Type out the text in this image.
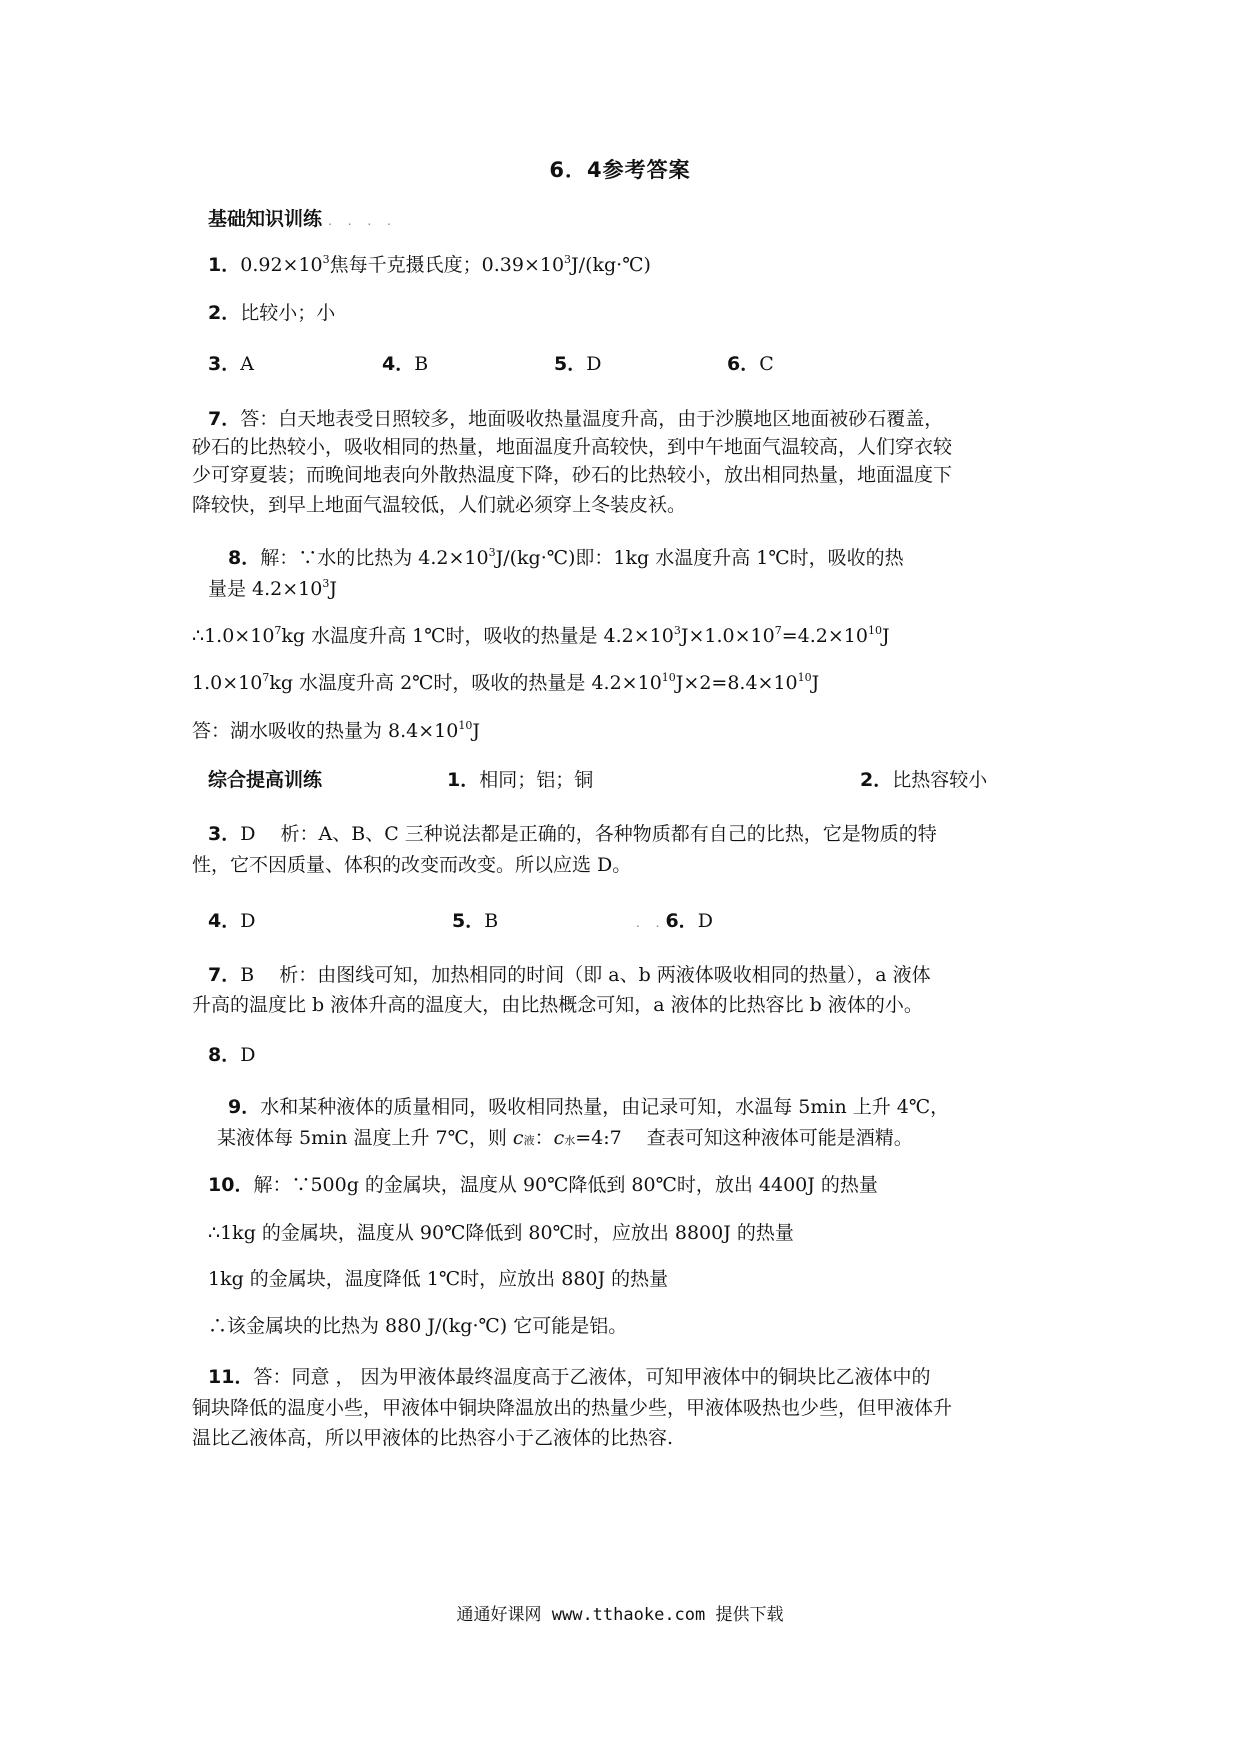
6．4参考答案
基础知识训练 . . . .
1．$0.92\times 10^3$焦每千克摄氏度；$0.39\times 10^3J/(kg\cdot℃)$
2．比较小；小
3．A	4．B	5．D	6．C
7．答：白天地表受日照较多，地面吸收热量温度升高，由于沙膜地区地面被砂石覆盖，
砂石的比热较小，吸收相同的热量，地面温度升高较快，到中午地面气温较高，人们穿衣较
少可穿夏装；而晚间地表向外散热温度下降，砂石的比热较小，放出相同热量，地面温度下
降较快，到早上地面气温较低，人们就必须穿上冬装皮袄。
8．解：∵水的比热为 $4.2\times 10^3J/(kg\cdot℃)$即：1kg 水温度升高 1℃时，吸收的热
量是 $4.2\times 10^3J$
$\therefore 1.0\times 10^7kg$ 水温度升高 1℃时，吸收的热量是 $4.2\times 10^3J\times 1.0\times 10^7=4.2\times 10^{10}J$
$1.0\times 10^7kg$ 水温度升高 2℃时，吸收的热量是 $4.2\times 10^{10}J\times 2=8.4\times 10^{10}J$
答：湖水吸收的热量为 $8.4\times 10^{10}J$
综合提高训练	1．相同；铝；铜	2．比热容较小
3．D　 析：A、B、C 三种说法都是正确的，各种物质都有自己的比热，它是物质的特
性，它不因质量、体积的改变而改变。所以应选 D。
4．D	5．B	. .6．D
7．B　 析：由图线可知，加热相同的时间（即 a、b 两液体吸收相同的热量），a 液体
升高的温度比 b 液体升高的温度大，由比热概念可知，a 液体的比热容比 b 液体的小。
8．D
9．水和某种液体的质量相同，吸收相同热量，由记录可知，水温每 5min 上升 4℃，
某液体每 5min 温度上升 7℃，则 c液：c水=4:7　 查表可知这种液体可能是酒精。
10．解：∵500g 的金属块，温度从 90℃降低到 80℃时，放出 4400J 的热量
∴1kg 的金属块，温度从 90℃降低到 80℃时，应放出 8800J 的热量
1kg 的金属块，温度降低 1℃时，应放出 880J 的热量
∴该金属块的比热为 880 J/(kg·℃) 它可能是铝。
11．答：同意 ， 因为甲液体最终温度高于乙液体，可知甲液体中的铜块比乙液体中的
铜块降低的温度小些，甲液体中铜块降温放出的热量少些，甲液体吸热也少些，但甲液体升
温比乙液体高，所以甲液体的比热容小于乙液体的比热容.
通通好课网 www.tthaoke.com 提供下载
